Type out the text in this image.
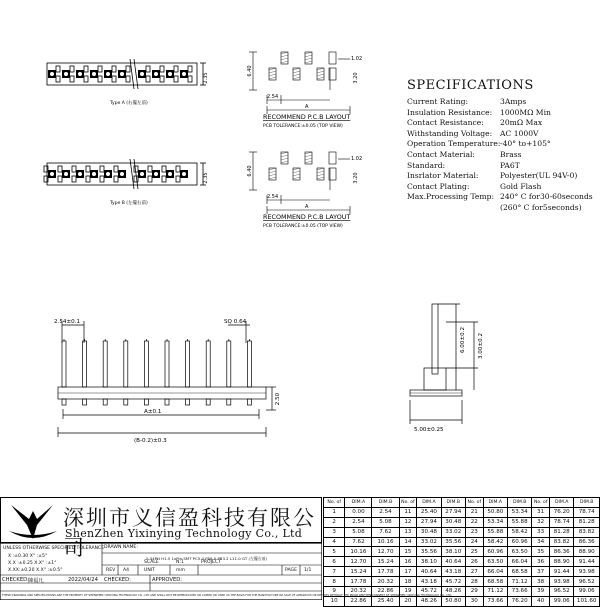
2.35
Type A (右擺左前)
2.35
Type B (左擺右前)
6.40
3.20
1.02
2.54
A
RECOMMEND P.C.B LAYOUT
PCB TOLERANCE:±0.05 (TOP VIEW)
6.40
3.20
1.02
2.54
A
RECOMMEND P.C.B LAYOUT
PCB TOLERANCE:±0.05 (TOP VIEW)
SPECIFICATIONS
Current Rating:	3Amps
Insulation Resistance:	1000MΩ Min
Contact Resistance:	20mΩ Max
Withstanding Voltage:	AC 1000V
Operation Temperature: -40° to+105°
Contact Material:	Brass
Standard:	PA6T
Insrlator Material:	Polyester(UL 94V-0)
Contact Plating:	Gold Flash
Max.Processing Temp: 240° C for30-60seconds
(260° C for5seconds)
2.54±0.1	SQ 0.64
2.50
A±0.1
(B-0.2)±0.3
6.00±0.2 3.00±0.2
5.00±0.25
深圳市义信盈科技有限公司
ShenZhen Yixinying Technology Co., Ltd
UNLESS OTHERWISE SPECIFIED TOLERANCE
X :±0.30 X° :±5°
X.X :±0.25 X.X° :±1°
X.XX:±0.20 X.X° :±0.5°
DRAWN NAME:
2.54PH H1.5 1xPin SMT PC5.0 PA6.0 PB3.2 L11.0 GT (左擺右前)
REV A4
SCALE	N:1
UNIT	mm
PROJECT
PAGE 1/1
CHECKED: 陳福凡	2022/04/24 CHECKED:	APPROVED:
THESE DRAWINGS AND SPECIFICATIONS ARE THE PROPERTY OF SHENZHEN YIXINYING TECHNOLOGY CO., LTD AND SHALL NOT BE REPRODUCED OR COPIED OR USED AS THE BASIS FOR THE MANUFACTURE OR SALE OF APPARATUS OR DEVICES WITHOUT THE PRIOR WRITTEN CONSENT OF SHENZHEN YIXINYING TECHNOLOGY CO., LTD.
No. of	DIM.A	DIM.B	No. of	DIM.A	DIM.B	No. of	DIM.A	DIM.B	No. of	DIM.A	DIM.B
1	0.00	2.54	11	25.40	27.94	21	50.80	53.34	31	76.20	78.74
2	2.54	5.08	12	27.94	30.48	22	53.34	55.88	32	78.74	81.28
3	5.08	7.62	13	30.48	33.02	23	55.88	58.42	33	81.28	83.82
4	7.62	10.16	14	33.02	35.56	24	58.42	60.96	34	83.82	86.36
5	10.16	12.70	15	35.56	38.10	25	60.96	63.50	35	86.36	88.90
6	12.70	15.24	16	38.10	40.64	26	63.50	66.04	36	88.90	91.44
7	15.24	17.78	17	40.64	43.18	27	66.04	68.58	37	91.44	93.98
8	17.78	20.32	18	43.18	45.72	28	68.58	71.12	38	93.98	96.52
9	20.32	22.86	19	45.72	48.26	29	71.12	73.66	39	96.52	99.06
10	22.86	25.40	20	48.26	50.80	30	73.66	76.20	40	99.06	101.60
